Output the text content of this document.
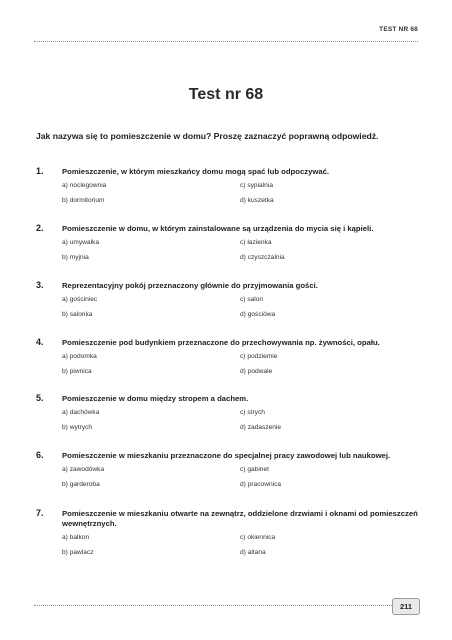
TEST NR 68
Test nr 68
Jak nazywa się to pomieszczenie w domu? Proszę zaznaczyć poprawną odpowiedź.
1. Pomieszczenie, w którym mieszkańcy domu mogą spać lub odpoczywać.
a) noclegownia
b) dormitorium
c) sypialnia
d) kuszetka
2. Pomieszczenie w domu, w którym zainstalowane są urządzenia do mycia się i kąpieli.
a) umywalka
b) myjnia
c) łazienka
d) czyszczalnia
3. Reprezentacyjny pokój przeznaczony głównie do przyjmowania gości.
a) gościniec
b) salonka
c) salon
d) gościówa
4. Pomieszczenie pod budynkiem przeznaczone do przechowywania np. żywności, opału.
a) podomka
b) piwnica
c) podziemie
d) podwale
5. Pomieszczenie w domu między stropem a dachem.
a) dachówka
b) wytrych
c) strych
d) zadaszenie
6. Pomieszczenie w mieszkaniu przeznaczone do specjalnej pracy zawodowej lub naukowej.
a) zawodówka
b) garderoba
c) gabinet
d) pracownica
7. Pomieszczenie w mieszkaniu otwarte na zewnątrz, oddzielone drzwiami i oknami od pomieszczeń wewnętrznych.
a) balkon
b) pawlacz
c) okiennica
d) altana
211
